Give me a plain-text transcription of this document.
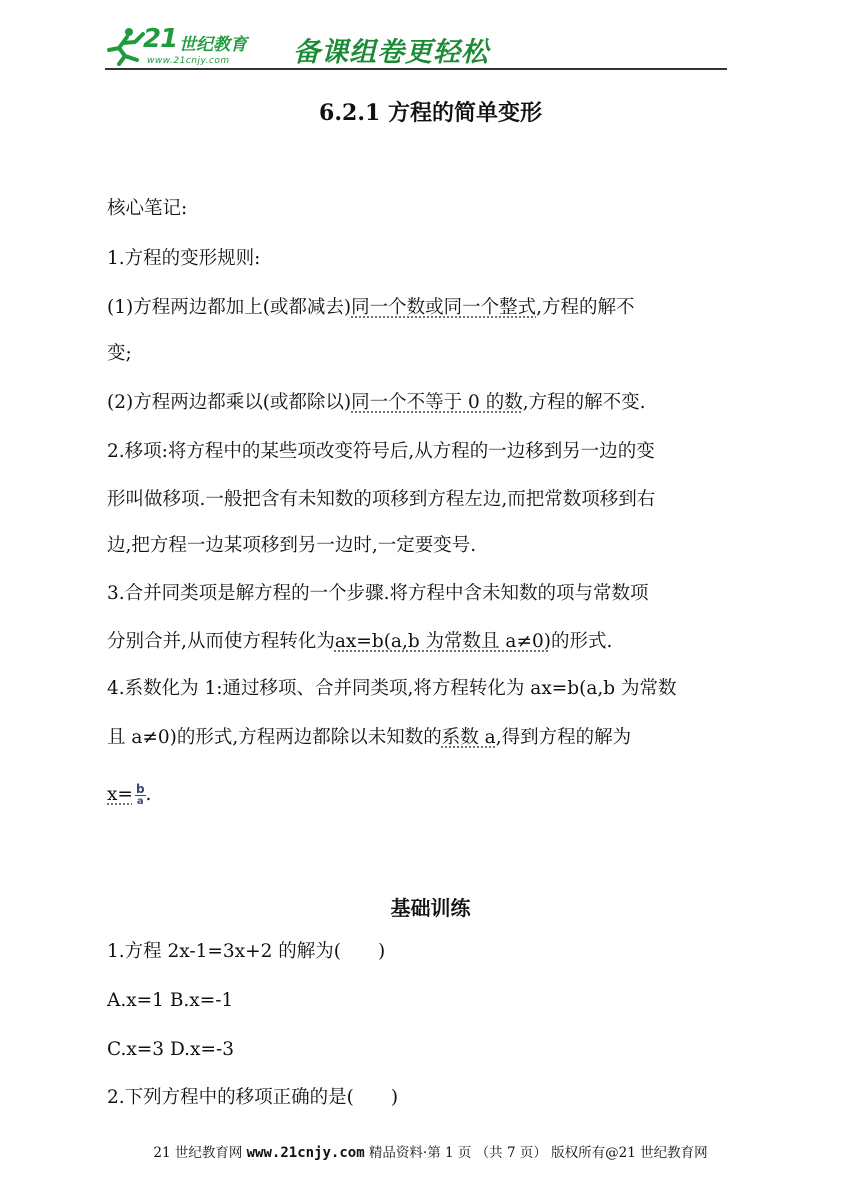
21 世纪教育
www.21cnjy.com 备课组卷更轻松
6.2.1 方程的简单变形
核心笔记:
1.方程的变形规则:
(1)方程两边都加上(或都减去)同一个数或同一个整式,方程的解不
变;
(2)方程两边都乘以(或都除以)同一个不等于 0 的数,方程的解不变.
2.移项:将方程中的某些项改变符号后,从方程的一边移到另一边的变
形叫做移项.一般把含有未知数的项移到方程左边,而把常数项移到右
边,把方程一边某项移到另一边时,一定要变号.
3.合并同类项是解方程的一个步骤.将方程中含未知数的项与常数项
分别合并,从而使方程转化为ax=b(a,b 为常数且 a≠0)的形式.
4.系数化为 1:通过移项、合并同类项,将方程转化为 ax=b(a,b 为常数
且 a≠0)的形式,方程两边都除以未知数的系数 a,得到方程的解为
$x= \frac{b}{a}$ .
基础训练
1.方程 2x-1=3x+2 的解为(　　)
A.x=1 B.x=-1
C.x=3 D.x=-3
2.下列方程中的移项正确的是(　　)
21 世纪教育网 www.21cnjy.com 精品资料·第 1 页 （共 7 页） 版权所有@21 世纪教育网
